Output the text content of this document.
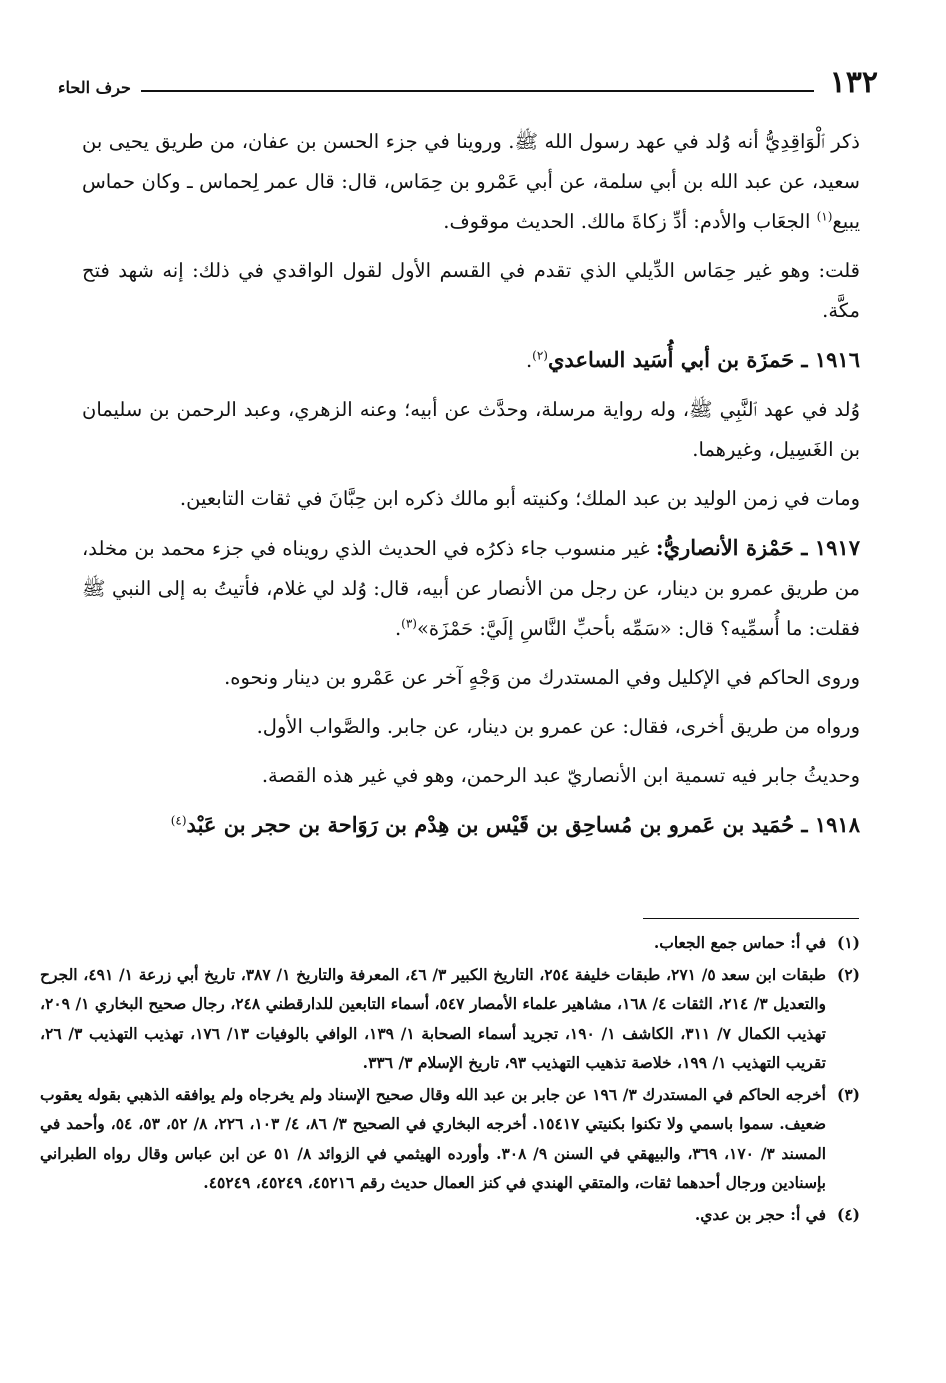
١٣٢
حرف الحاء

ذكر ٱلْوَاقِدِيُّ أنه وُلد في عهد رسول الله ﷺ. وروينا في جزء الحسن بن عفان، من طريق يحيى بن سعيد، عن عبد الله بن أبي سلمة، عن أبي عَمْرو بن حِمَاس، قال: قال عمر لِحماس ـ وكان حماس يبيع$^{(١)}$ الجعَاب والأدم: أدِّ زكاةَ مالك. الحديث موقوف.

قلت: وهو غير حِمَاس الدِّيلي الذي تقدم في القسم الأول لقول الواقدي في ذلك: إنه شهد فتح مكَّة.

١٩١٦ ـ حَمزَة بن أبي أُسَيد الساعدي$^{(٢)}$.

وُلد في عهد ٱلنَّبِي ﷺ، وله رواية مرسلة، وحدَّث عن أبيه؛ وعنه الزهري، وعبد الرحمن بن سليمان بن الغَسِيل، وغيرهما.

ومات في زمن الوليد بن عبد الملك؛ وكنيته أبو مالك ذكره ابن حِبَّانَ في ثقات التابعين.

١٩١٧ ـ حَمْزة الأنصاريُّ: غير منسوب جاء ذكرُه في الحديث الذي رويناه في جزء محمد بن مخلد، من طريق عمرو بن دينار، عن رجل من الأنصار عن أبيه، قال: وُلد لي غلام، فأتيتُ به إلى النبي ﷺ فقلت: ما أُسمِّيه؟ قال: «سَمِّه بأحبِّ النَّاسِ إلَيَّ: حَمْزَة»$^{(٣)}$.

وروى الحاكم في الإكليل وفي المستدرك من وَجْهٍ آخر عن عَمْرو بن دينار ونحوه.

ورواه من طريق أخرى، فقال: عن عمرو بن دينار، عن جابر. والصَّواب الأول.

وحديثُ جابر فيه تسمية ابن الأنصاريّ عبد الرحمن، وهو في غير هذه القصة.

١٩١٨ ـ حُمَيد بن عَمرو بن مُساحِق بن قَيْس بن هِدْم بن رَوَاحة بن حجر بن عَبْد$^{(٤)}$

(١)
في أ: حماس جمع الجعاب.
(٢)
طبقات ابن سعد ٥/ ٢٧١، طبقات خليفة ٢٥٤، التاريخ الكبير ٣/ ٤٦، المعرفة والتاريخ ١/ ٣٨٧، تاريخ أبي زرعة ١/ ٤٩١، الجرح والتعديل ٣/ ٢١٤، الثقات ٤/ ١٦٨، مشاهير علماء الأمصار ٥٤٧، أسماء التابعين للدارقطني ٢٤٨، رجال صحيح البخاري ١/ ٢٠٩، تهذيب الكمال ٧/ ٣١١، الكاشف ١/ ١٩٠، تجريد أسماء الصحابة ١/ ١٣٩، الوافي بالوفيات ١٣/ ١٧٦، تهذيب التهذيب ٣/ ٢٦، تقريب التهذيب ١/ ١٩٩، خلاصة تذهيب التهذيب ٩٣، تاريخ الإسلام ٣/ ٣٣٦.
(٣)
أخرجه الحاكم في المستدرك ٣/ ١٩٦ عن جابر بن عبد الله وقال صحيح الإسناد ولم يخرجاه ولم يوافقه الذهبي بقوله يعقوب ضعيف. سموا باسمي ولا تكنوا بكنيتي ١٥٤١٧. أخرجه البخاري في الصحيح ٣/ ٨٦، ٤/ ١٠٣، ٢٢٦، ٨/ ٥٢، ٥٣، ٥٤، وأحمد في المسند ٣/ ١٧٠، ٣٦٩، والبيهقي في السنن ٩/ ٣٠٨. وأورده الهيثمي في الزوائد ٨/ ٥١ عن ابن عباس وقال رواه الطبراني بإسنادين ورجال أحدهما ثقات، والمتقي الهندي في كنز العمال حديث رقم ٤٥٢١٦، ٤٥٢٤٩، ٤٥٢٤٩.
(٤)
في أ: حجر بن عدي.
